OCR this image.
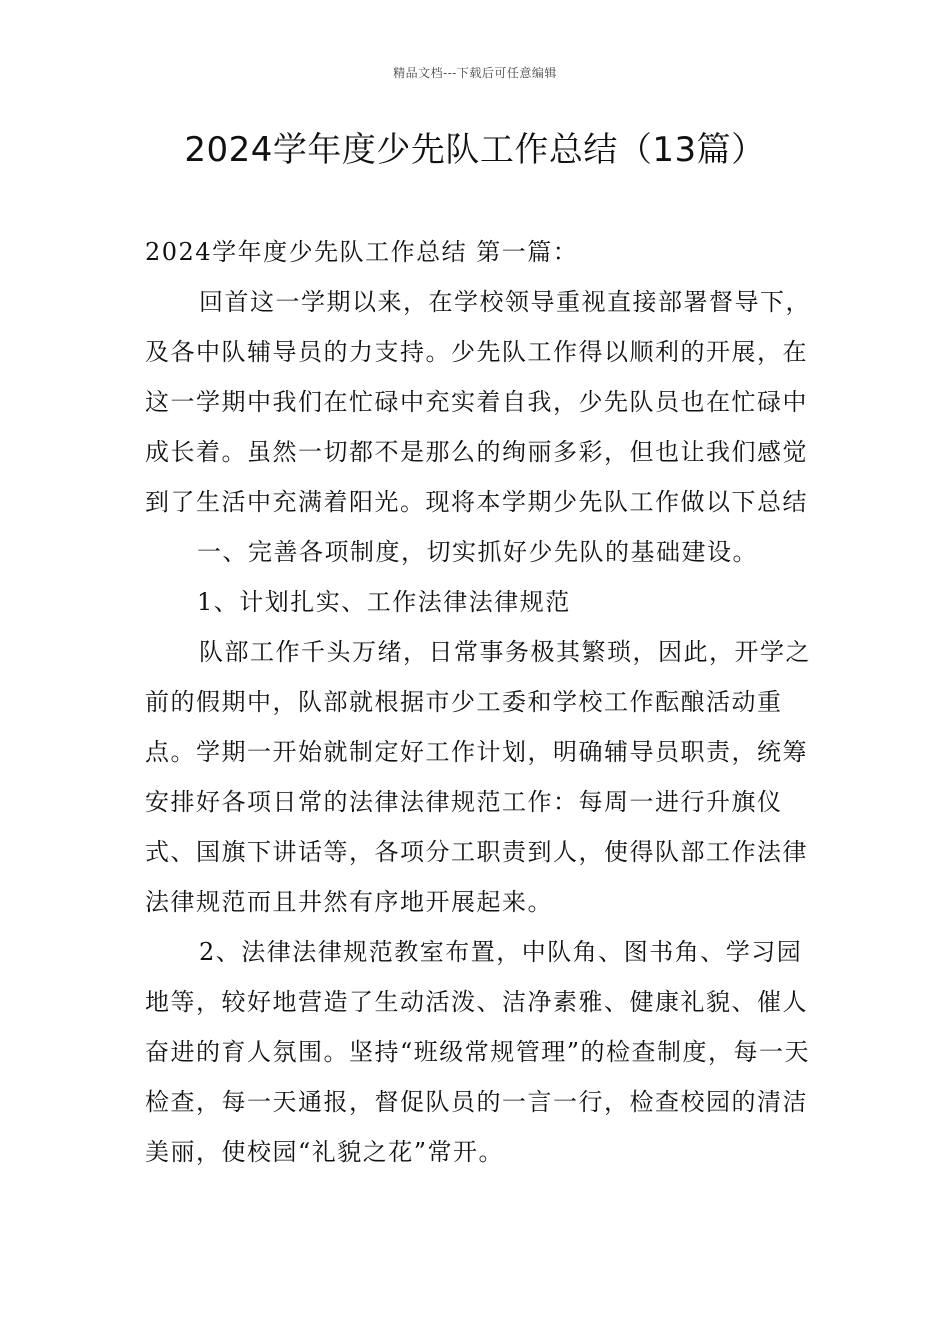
精品文档---下载后可任意编辑
2024学年度少先队工作总结（13篇）

2024学年度少先队工作总结 第一篇：

回首这一学期以来，在学校领导重视直接部署督导下，及各中队辅导员的力支持。少先队工作得以顺利的开展，在这一学期中我们在忙碌中充实着自我，少先队员也在忙碌中成长着。虽然一切都不是那么的绚丽多彩，但也让我们感觉到了生活中充满着阳光。现将本学期少先队工作做以下总结

一、完善各项制度，切实抓好少先队的基础建设。

1、计划扎实、工作法律法律规范

队部工作千头万绪，日常事务极其繁琐，因此，开学之前的假期中，队部就根据市少工委和学校工作酝酿活动重点。学期一开始就制定好工作计划，明确辅导员职责，统筹安排好各项日常的法律法律规范工作：每周一进行升旗仪式、国旗下讲话等，各项分工职责到人，使得队部工作法律法律规范而且井然有序地开展起来。

2、法律法律规范教室布置，中队角、图书角、学习园地等，较好地营造了生动活泼、洁净素雅、健康礼貌、催人奋进的育人氛围。坚持“班级常规管理”的检查制度，每一天检查，每一天通报，督促队员的一言一行，检查校园的清洁美丽，使校园“礼貌之花”常开。
